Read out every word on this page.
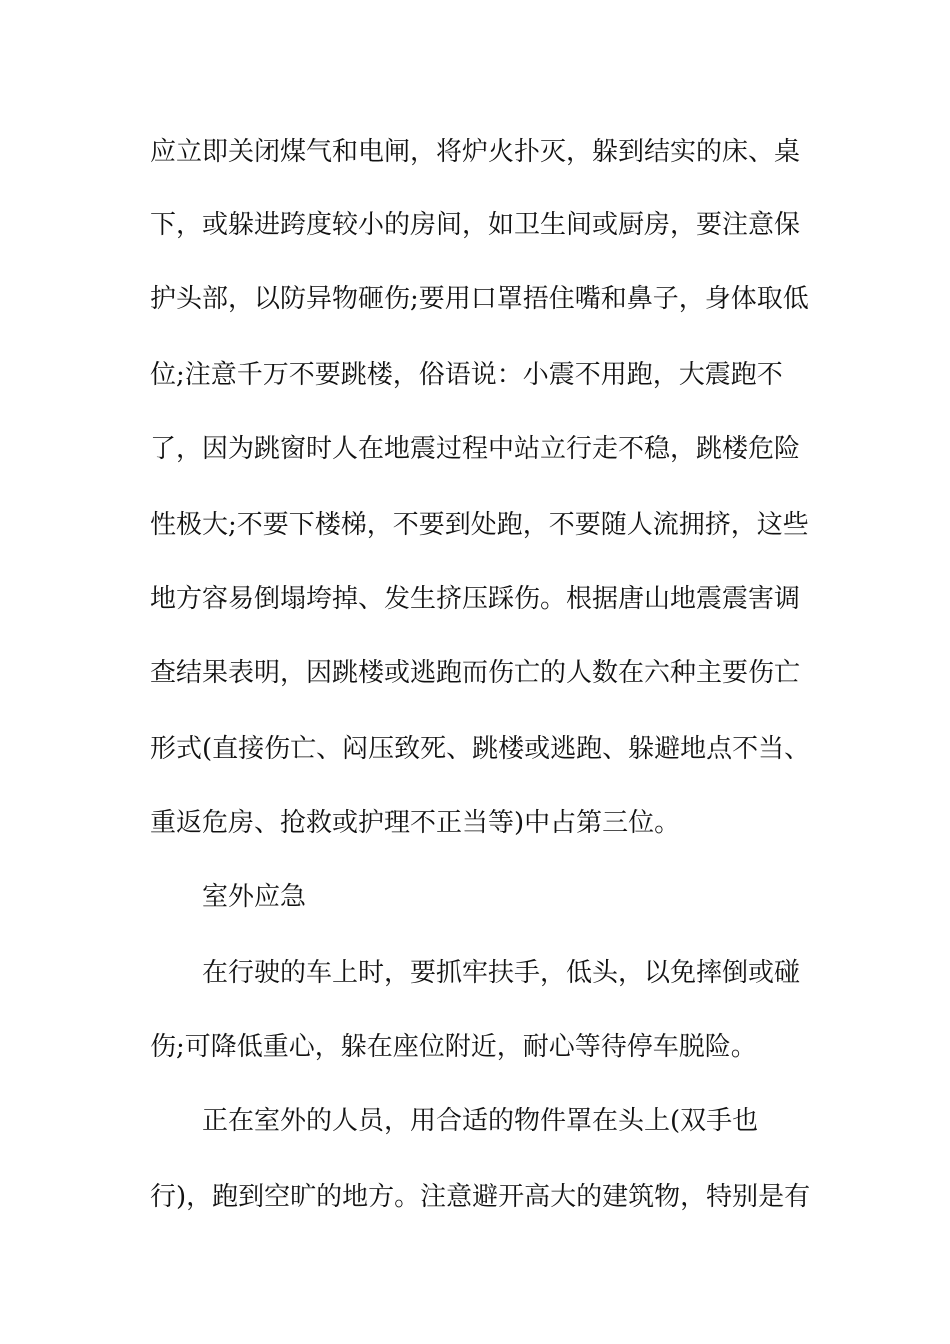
应立即关闭煤气和电闸，将炉火扑灭，躲到结实的床、桌
下，或躲进跨度较小的房间，如卫生间或厨房，要注意保
护头部，以防异物砸伤;要用口罩捂住嘴和鼻子，身体取低
位;注意千万不要跳楼，俗语说：小震不用跑，大震跑不
了，因为跳窗时人在地震过程中站立行走不稳，跳楼危险
性极大;不要下楼梯，不要到处跑，不要随人流拥挤，这些
地方容易倒塌垮掉、发生挤压踩伤。根据唐山地震震害调
查结果表明，因跳楼或逃跑而伤亡的人数在六种主要伤亡
形式(直接伤亡、闷压致死、跳楼或逃跑、躲避地点不当、
重返危房、抢救或护理不正当等)中占第三位。
室外应急
在行驶的车上时，要抓牢扶手，低头，以免摔倒或碰
伤;可降低重心，躲在座位附近，耐心等待停车脱险。
正在室外的人员，用合适的物件罩在头上(双手也
行)，跑到空旷的地方。注意避开高大的建筑物，特别是有
